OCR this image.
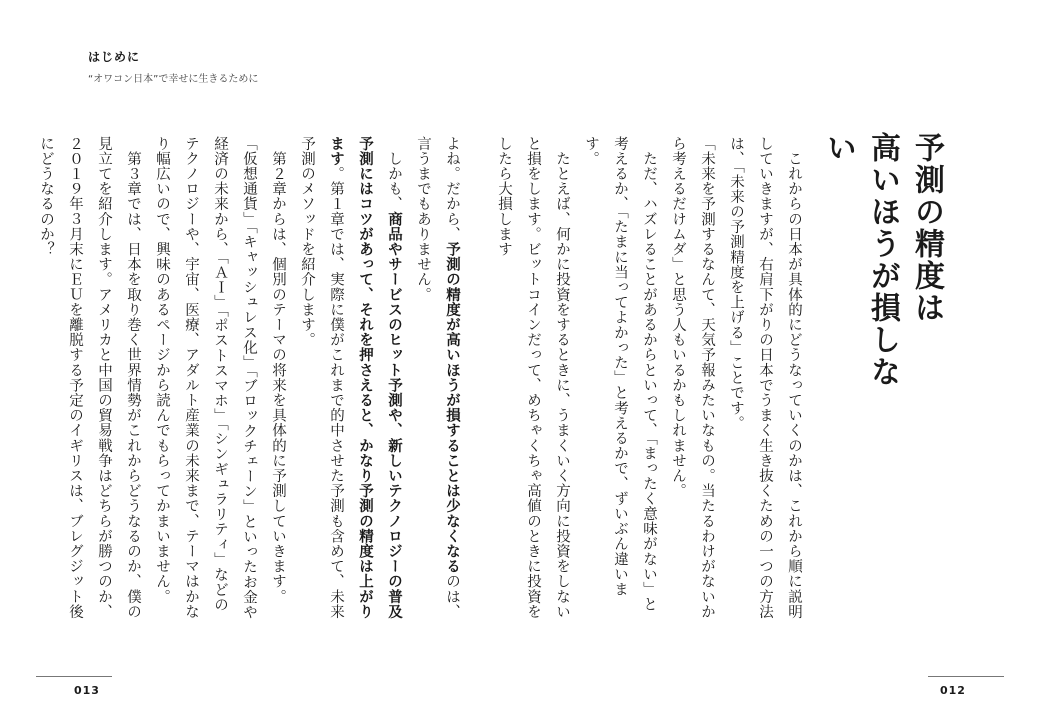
はじめに
“オワコン日本”で幸せに生きるために
予測の精度は
高いほうが損しない

　これからの日本が具体的にどうなっていくのかは、これから順に説明していきますが、右肩下がりの日本でうまく生き抜くための一つの方法は、「未来の予測精度を上げる」ことです。

「未来を予測するなんて、天気予報みたいなもの。当たるわけがないから考えるだけムダ」と思う人もいるかもしれません。

　ただ、ハズレることがあるからといって、「まったく意味がない」と考えるか、「たまに当ってよかった」と考えるかで、ずいぶん違います。

　たとえば、何かに投資をするときに、うまくいく方向に投資をしないと損をします。ビットコインだって、めちゃくちゃ高値のときに投資をしたら大損します

よね。だから、予測の精度が高いほうが損することは少なくなるのは、言うまでもありません。

　しかも、商品やサービスのヒット予測や、新しいテクノロジーの普及予測にはコツがあって、それを押さえると、かなり予測の精度は上がります。第１章では、実際に僕がこれまで的中させた予測も含めて、未来予測のメソッドを紹介します。

　第２章からは、個別のテーマの将来を具体的に予測していきます。「仮想通貨」「キャッシュレス化」「ブロックチェーン」といったお金や経済の未来から、「ＡＩ」「ポストスマホ」「シンギュラリティ」などのテクノロジーや、宇宙、医療、アダルト産業の未来まで、テーマはかなり幅広いので、興味のあるページから読んでもらってかまいません。

　第３章では、日本を取り巻く世界情勢がこれからどうなるのか、僕の見立てを紹介します。アメリカと中国の貿易戦争はどちらが勝つのか、２０１９年３月末にＥＵを離脱する予定のイギリスは、ブレグジット後にどうなるのか？

013	012
